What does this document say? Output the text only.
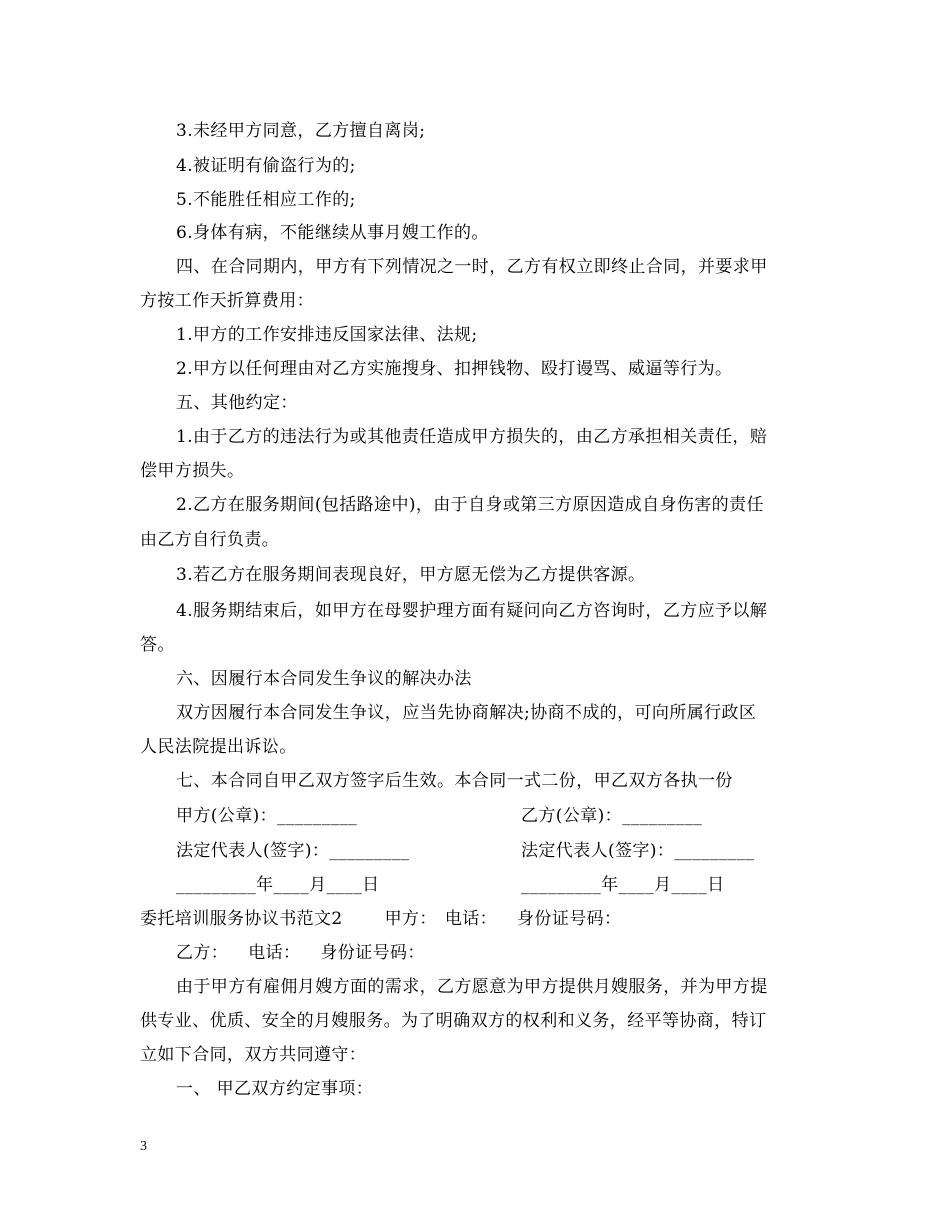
3.未经甲方同意，乙方擅自离岗;
4.被证明有偷盗行为的;
5.不能胜任相应工作的;
6.身体有病，不能继续从事月嫂工作的。
四、在合同期内，甲方有下列情况之一时，乙方有权立即终止合同，并要求甲
方按工作天折算费用：
1.甲方的工作安排违反国家法律、法规;
2.甲方以任何理由对乙方实施搜身、扣押钱物、殴打谩骂、威逼等行为。
五、其他约定：
1.由于乙方的违法行为或其他责任造成甲方损失的，由乙方承担相关责任，赔
偿甲方损失。
2.乙方在服务期间(包括路途中)，由于自身或第三方原因造成自身伤害的责任
由乙方自行负责。
3.若乙方在服务期间表现良好，甲方愿无偿为乙方提供客源。
4.服务期结束后，如甲方在母婴护理方面有疑问向乙方咨询时，乙方应予以解
答。
六、因履行本合同发生争议的解决办法
双方因履行本合同发生争议，应当先协商解决;协商不成的，可向所属行政区
人民法院提出诉讼。
七、本合同自甲乙双方签字后生效。本合同一式二份，甲乙双方各执一份
甲方(公章)：_________	乙方(公章)：_________
法定代表人(签字)：_________	法定代表人(签字)：_________
_________年____月____日	_________年____月____日
委托培训服务协议书范文2 甲方： 电话： 身份证号码：
乙方： 电话： 身份证号码：
由于甲方有雇佣月嫂方面的需求，乙方愿意为甲方提供月嫂服务，并为甲方提
供专业、优质、安全的月嫂服务。为了明确双方的权利和义务，经平等协商，特订
立如下合同，双方共同遵守：
一、 甲乙双方约定事项：
3
